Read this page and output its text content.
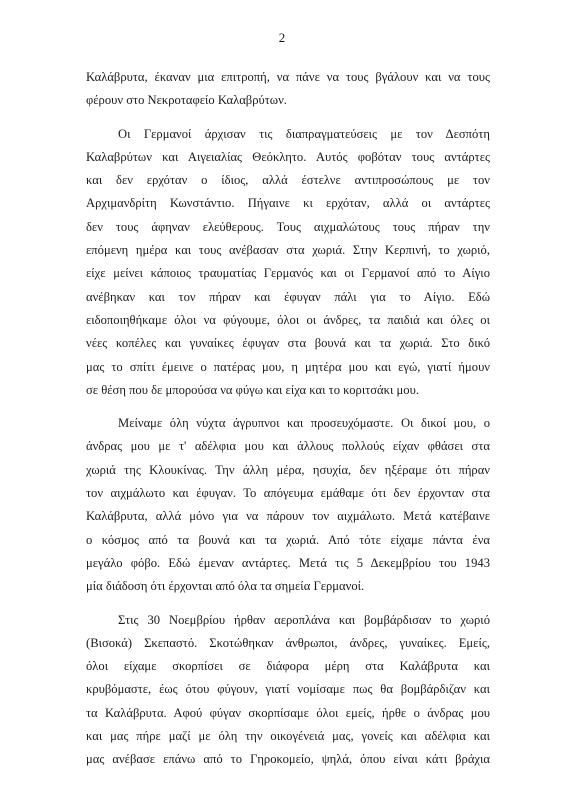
2

Καλάβρυτα, έκαναν μια επιτροπή, να πάνε να τους βγάλουν και να τους
φέρουν στο Νεκροταφείο Καλαβρύτων.

Οι Γερμανοί άρχισαν τις διαπραγματεύσεις με τον Δεσπότη
Καλαβρύτων και Αιγειαλίας Θεόκλητο. Αυτός φοβόταν τους αντάρτες
και δεν ερχόταν ο ίδιος, αλλά έστελνε αντιπροσώπους με τον
Αρχιμανδρίτη Κωνστάντιο. Πήγαινε κι ερχόταν, αλλά οι αντάρτες
δεν τους άφηναν ελεύθερους. Τους αιχμαλώτους τους πήραν την
επόμενη ημέρα και τους ανέβασαν στα χωριά. Στην Κερπινή, το χωριό,
είχε μείνει κάποιος τραυματίας Γερμανός και οι Γερμανοί από το Αίγιο
ανέβηκαν και τον πήραν και έφυγαν πάλι για το Αίγιο. Εδώ
ειδοποιηθήκαμε όλοι να φύγουμε, όλοι οι άνδρες, τα παιδιά και όλες οι
νέες κοπέλες και γυναίκες έφυγαν στα βουνά και τα χωριά. Στο δικό
μας το σπίτι έμεινε ο πατέρας μου, η μητέρα μου και εγώ, γιατί ήμουν
σε θέση που δε μπορούσα να φύγω και είχα και το κοριτσάκι μου.

Μείναμε όλη νύχτα άγρυπνοι και προσευχόμαστε. Οι δικοί μου, ο
άνδρας μου με τ' αδέλφια μου και άλλους πολλούς είχαν φθάσει στα
χωριά της Κλουκίνας. Την άλλη μέρα, ησυχία, δεν ηξέραμε ότι πήραν
τον αιχμάλωτο και έφυγαν. Το απόγευμα εμάθαμε ότι δεν έρχονταν στα
Καλάβρυτα, αλλά μόνο για να πάρουν τον αιχμάλωτο. Μετά κατέβαινε
ο κόσμος από τα βουνά και τα χωριά. Από τότε είχαμε πάντα ένα
μεγάλο φόβο. Εδώ έμεναν αντάρτες. Μετά τις 5 Δεκεμβρίου του 1943
μία διάδοση ότι έρχονται από όλα τα σημεία Γερμανοί.

Στις 30 Νοεμβρίου ήρθαν αεροπλάνα και βομβάρδισαν το χωριό
(Βισοκά) Σκεπαστό. Σκοτώθηκαν άνθρωποι, άνδρες, γυναίκες. Εμείς,
όλοι είχαμε σκορπίσει σε διάφορα μέρη στα Καλάβρυτα και
κρυβόμαστε, έως ότου φύγουν, γιατί νομίσαμε πως θα βομβάρδιζαν και
τα Καλάβρυτα. Αφού φύγαν σκορπίσαμε όλοι εμείς, ήρθε ο άνδρας μου
και μας πήρε μαζί με όλη την οικογένειά μας, γονείς και αδέλφια και
μας ανέβασε επάνω από το Γηροκομείο, ψηλά, όπου είναι κάτι βράχια
